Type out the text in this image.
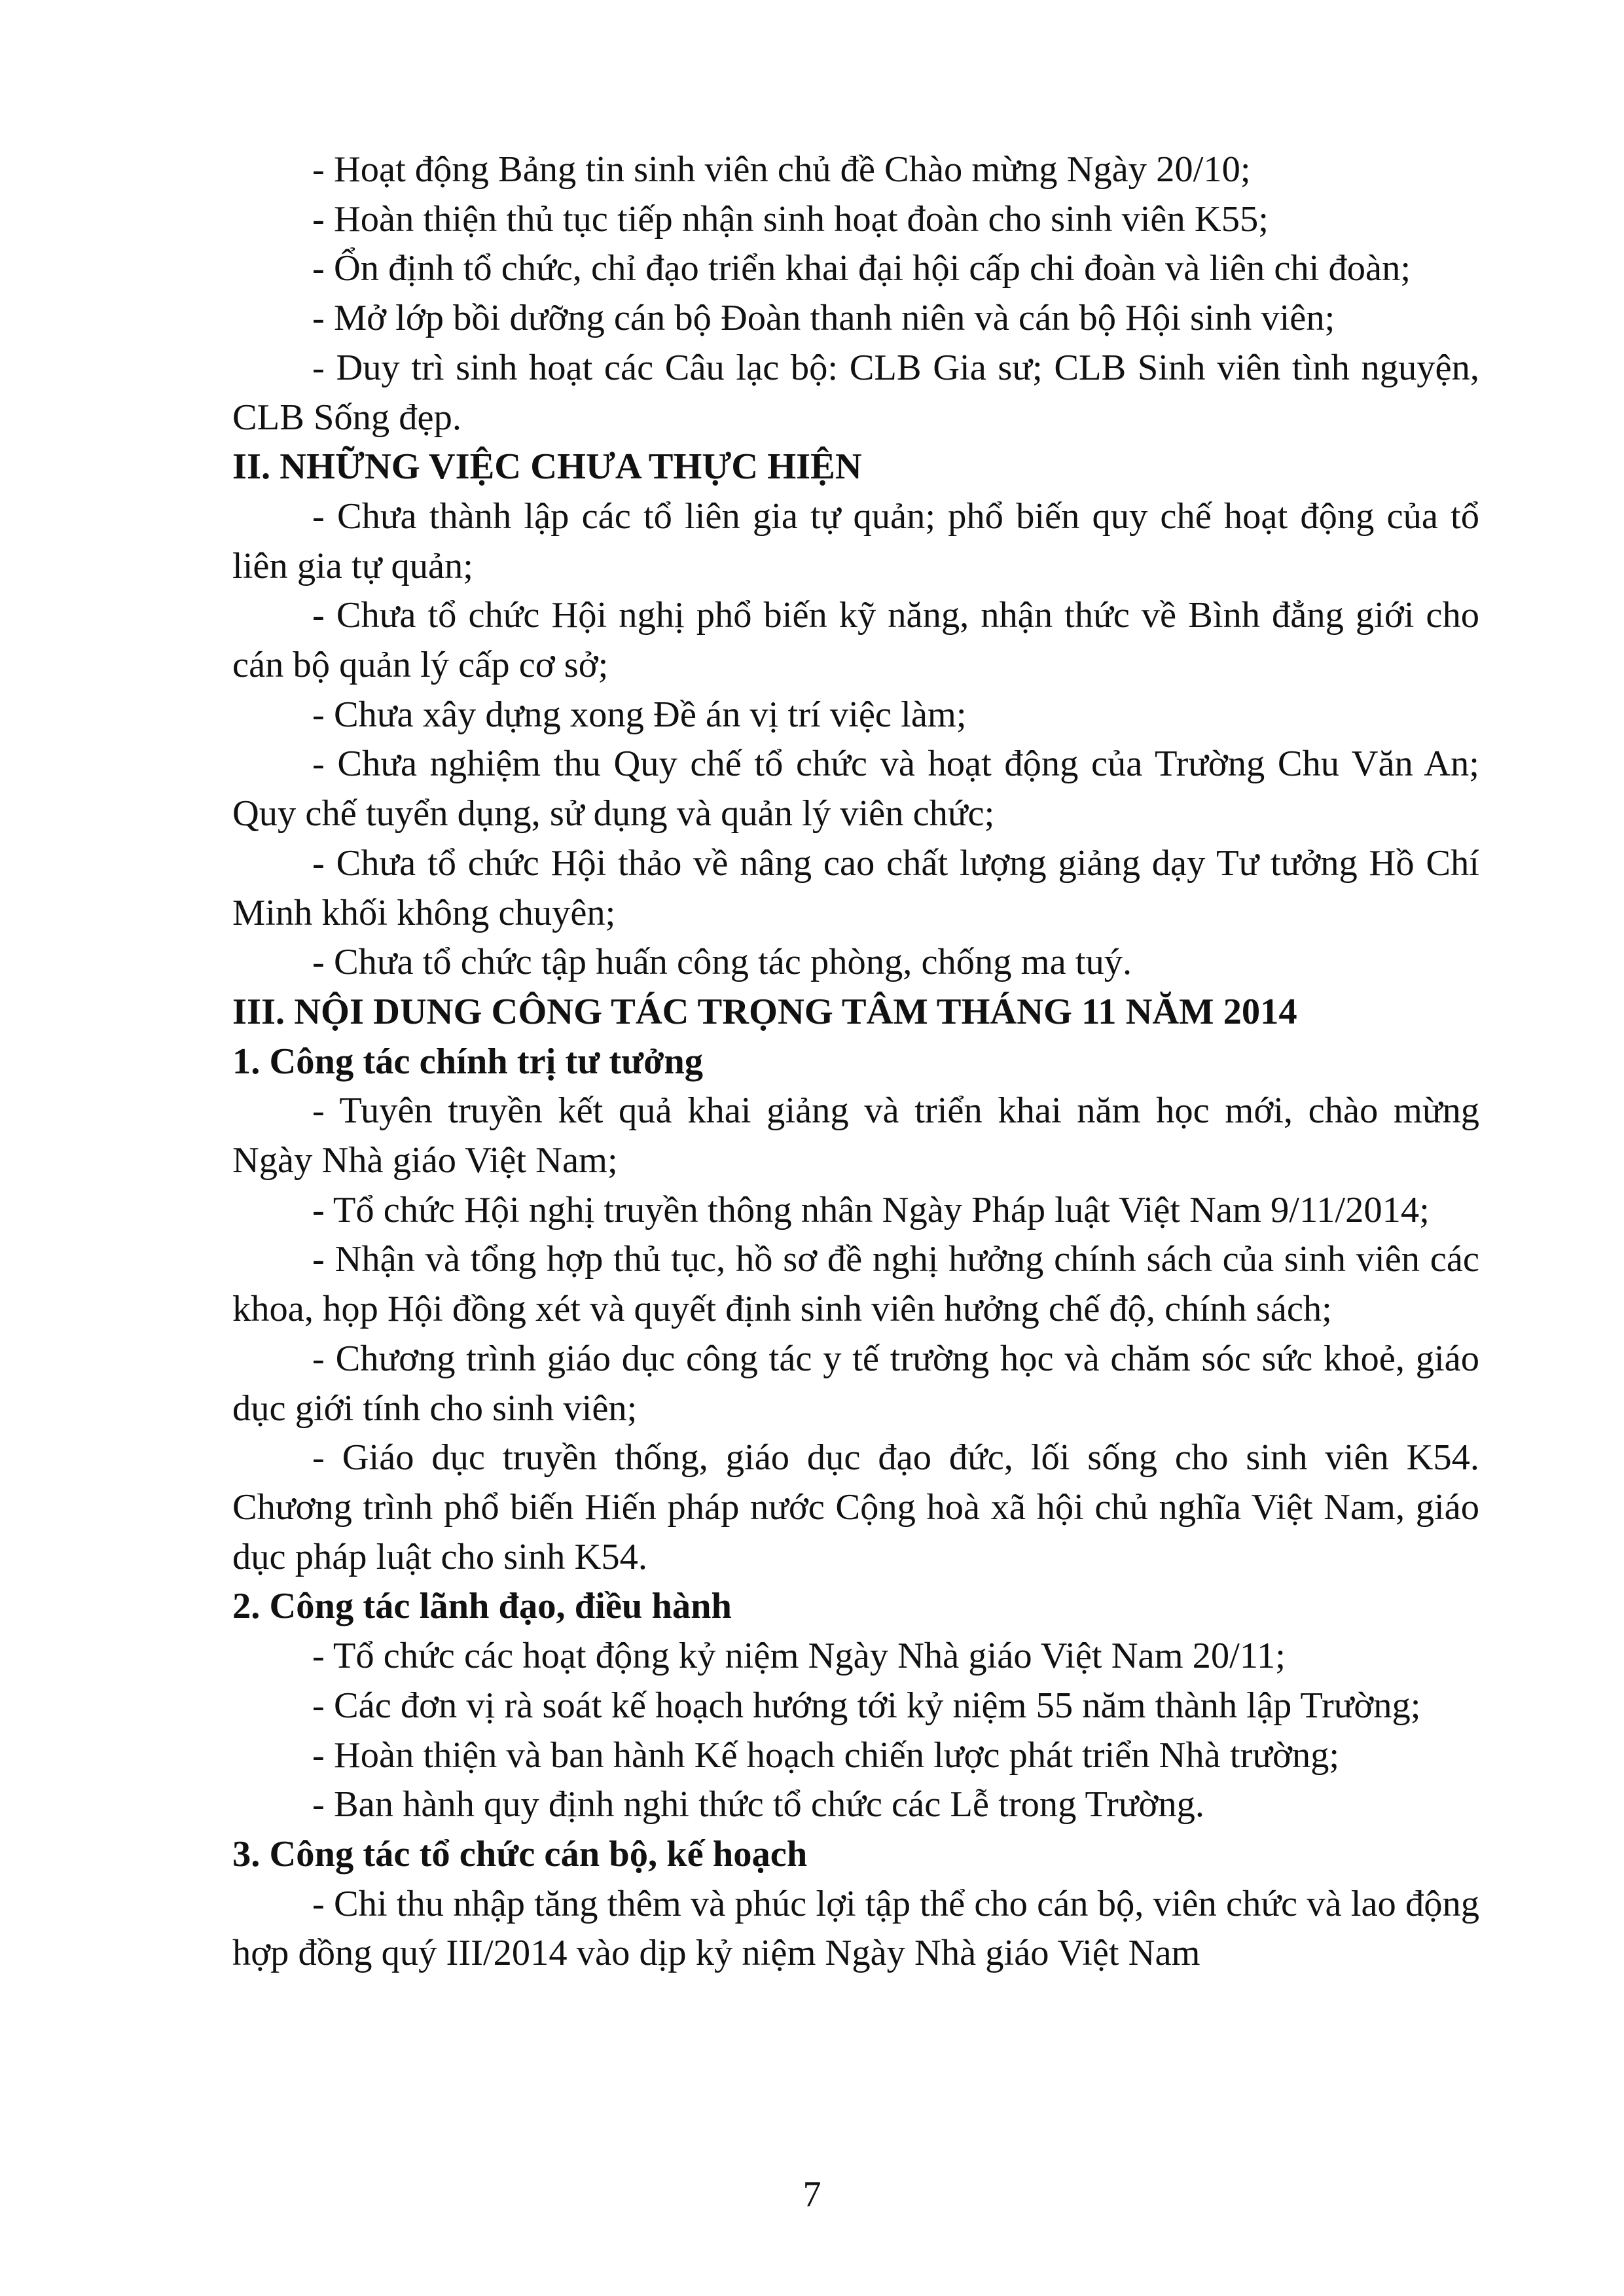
- Hoạt động Bảng tin sinh viên chủ đề Chào mừng Ngày 20/10;

- Hoàn thiện thủ tục tiếp nhận sinh hoạt đoàn cho sinh viên K55;

- Ổn định tổ chức, chỉ đạo triển khai đại hội cấp chi đoàn và liên chi đoàn;

- Mở lớp bồi dưỡng cán bộ Đoàn thanh niên và cán bộ Hội sinh viên;

- Duy trì sinh hoạt các Câu lạc bộ: CLB Gia sư; CLB Sinh viên tình nguyện, CLB Sống đẹp.

II. NHỮNG VIỆC CHƯA THỰC HIỆN

- Chưa thành lập các tổ liên gia tự quản; phổ biến quy chế hoạt động của tổ liên gia tự quản;

- Chưa tổ chức Hội nghị phổ biến kỹ năng, nhận thức về Bình đẳng giới cho cán bộ quản lý cấp cơ sở;

- Chưa xây dựng xong Đề án vị trí việc làm;

- Chưa nghiệm thu Quy chế tổ chức và hoạt động của Trường Chu Văn An; Quy chế tuyển dụng, sử dụng và quản lý viên chức;

- Chưa tổ chức Hội thảo về nâng cao chất lượng giảng dạy Tư tưởng Hồ Chí Minh khối không chuyên;

- Chưa tổ chức tập huấn công tác phòng, chống ma tuý.

III. NỘI DUNG CÔNG TÁC TRỌNG TÂM THÁNG 11 NĂM 2014

1. Công tác chính trị tư tưởng

- Tuyên truyền kết quả khai giảng và triển khai năm học mới, chào mừng Ngày Nhà giáo Việt Nam;

- Tổ chức Hội nghị truyền thông nhân Ngày Pháp luật Việt Nam 9/11/2014;

- Nhận và tổng hợp thủ tục, hồ sơ đề nghị hưởng chính sách của sinh viên các khoa, họp Hội đồng xét và quyết định sinh viên hưởng chế độ, chính sách;

- Chương trình giáo dục công tác y tế trường học và chăm sóc sức khoẻ, giáo dục giới tính cho sinh viên;

- Giáo dục truyền thống, giáo dục đạo đức, lối sống cho sinh viên K54. Chương trình phổ biến Hiến pháp nước Cộng hoà xã hội chủ nghĩa Việt Nam, giáo dục pháp luật cho sinh K54.

2. Công tác lãnh đạo, điều hành

- Tổ chức các hoạt động kỷ niệm Ngày Nhà giáo Việt Nam 20/11;

- Các đơn vị rà soát kế hoạch hướng tới kỷ niệm 55 năm thành lập Trường;

- Hoàn thiện và ban hành Kế hoạch chiến lược phát triển Nhà trường;

- Ban hành quy định nghi thức tổ chức các Lễ trong Trường.

3. Công tác tổ chức cán bộ, kế hoạch

- Chi thu nhập tăng thêm và phúc lợi tập thể cho cán bộ, viên chức và lao động hợp đồng quý III/2014 vào dịp kỷ niệm Ngày Nhà giáo Việt Nam

7
